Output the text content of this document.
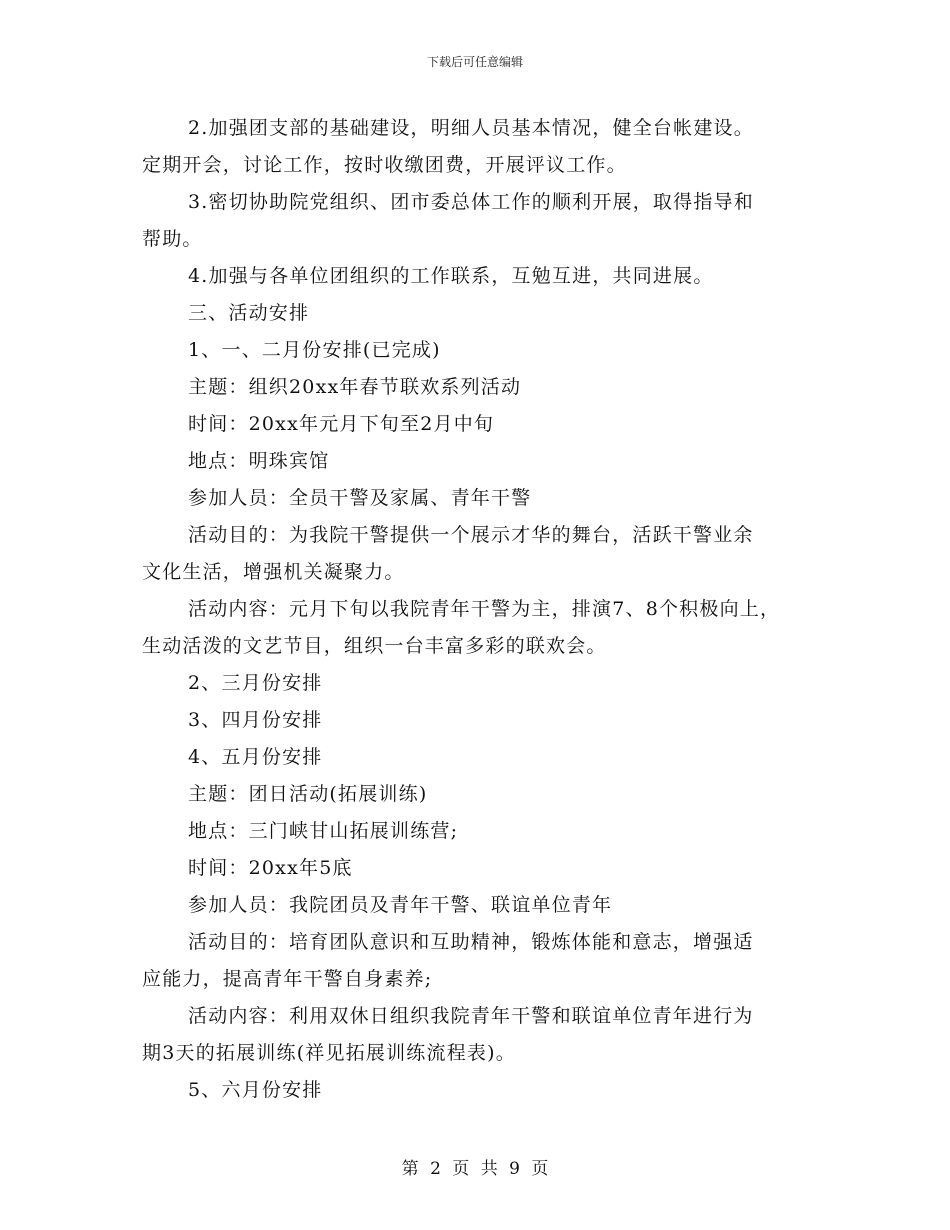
下载后可任意编辑

2.加强团支部的基础建设，明细人员基本情况，健全台帐建设。

定期开会，讨论工作，按时收缴团费，开展评议工作。

3.密切协助院党组织、团市委总体工作的顺利开展，取得指导和

帮助。

4.加强与各单位团组织的工作联系，互勉互进，共同进展。

三、活动安排

1、一、二月份安排(已完成)

主题：组织20xx年春节联欢系列活动

时间：20xx年元月下旬至2月中旬

地点：明珠宾馆

参加人员：全员干警及家属、青年干警

活动目的：为我院干警提供一个展示才华的舞台，活跃干警业余

文化生活，增强机关凝聚力。

活动内容：元月下旬以我院青年干警为主，排演7、8个积极向上，

生动活泼的文艺节目，组织一台丰富多彩的联欢会。

2、三月份安排

3、四月份安排

4、五月份安排

主题：团日活动(拓展训练)

地点：三门峡甘山拓展训练营;

时间：20xx年5底

参加人员：我院团员及青年干警、联谊单位青年

活动目的：培育团队意识和互助精神，锻炼体能和意志，增强适

应能力，提高青年干警自身素养;

活动内容：利用双休日组织我院青年干警和联谊单位青年进行为

期3天的拓展训练(祥见拓展训练流程表)。

5、六月份安排

第 2 页 共 9 页
